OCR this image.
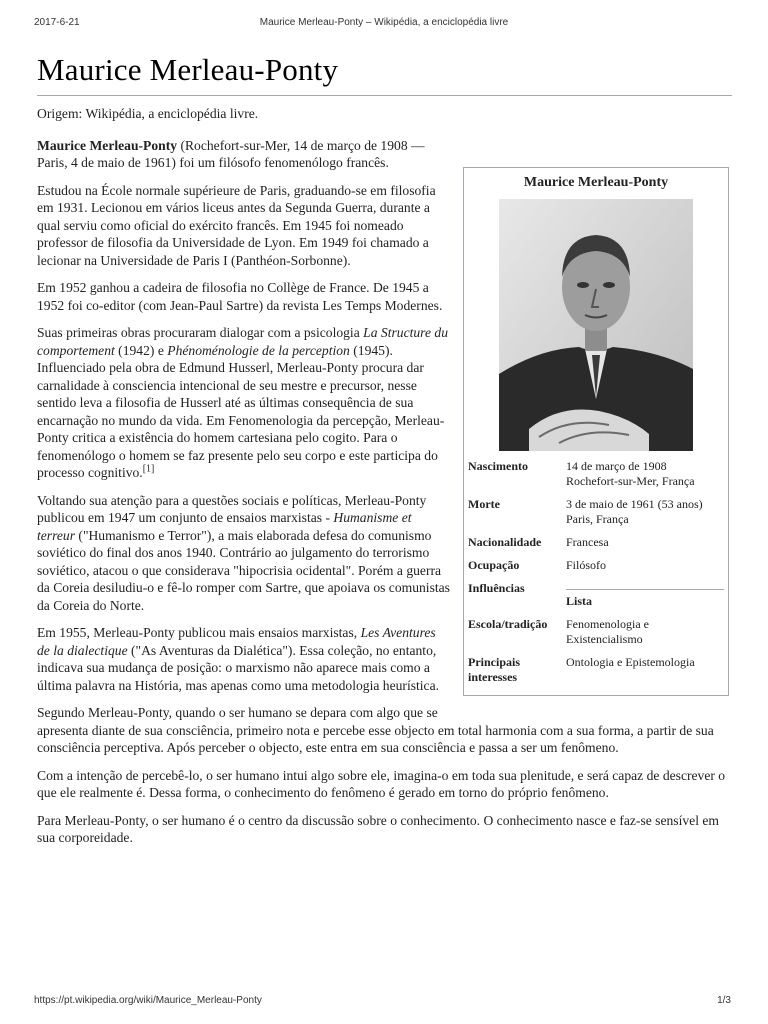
2017-6-21	Maurice Merleau-Ponty – Wikipédia, a enciclopédia livre
Maurice Merleau-Ponty

Origem: Wikipédia, a enciclopédia livre.

Maurice Merleau-Ponty
Nascimento	14 de março de 1908
Rochefort-sur-Mer, França

Morte	3 de maio de 1961 (53 anos)
Paris, França

Nacionalidade	Francesa
Ocupação	Filósofo
Influências	Lista

Escola/tradição	Fenomenologia e Existencialismo
Principais interesses	Ontologia e Epistemologia

Maurice Merleau-Ponty (Rochefort-sur-Mer, 14 de março de 1908 — Paris, 4 de maio de 1961) foi um filósofo fenomenólogo francês.

Estudou na École normale supérieure de Paris, graduando-se em filosofia em 1931. Lecionou em vários liceus antes da Segunda Guerra, durante a qual serviu como oficial do exército francês. Em 1945 foi nomeado professor de filosofia da Universidade de Lyon. Em 1949 foi chamado a lecionar na Universidade de Paris I (Panthéon-Sorbonne).

Em 1952 ganhou a cadeira de filosofia no Collège de France. De 1945 a 1952 foi co-editor (com Jean-Paul Sartre) da revista Les Temps Modernes.

Suas primeiras obras procuraram dialogar com a psicologia La Structure du comportement (1942) e Phénoménologie de la perception (1945). Influenciado pela obra de Edmund Husserl, Merleau-Ponty procura dar carnalidade à consciencia intencional de seu mestre e precursor, nesse sentido leva a filosofia de Husserl até as últimas consequência de sua encarnação no mundo da vida. Em Fenomenologia da percepção, Merleau-Ponty critica a existência do homem cartesiana pelo cogito. Para o fenomenólogo o homem se faz presente pelo seu corpo e este participa do processo cognitivo.[1]

Voltando sua atenção para a questões sociais e políticas, Merleau-Ponty publicou em 1947 um conjunto de ensaios marxistas - Humanisme et terreur ("Humanismo e Terror"), a mais elaborada defesa do comunismo soviético do final dos anos 1940. Contrário ao julgamento do terrorismo soviético, atacou o que considerava "hipocrisia ocidental". Porém a guerra da Coreia desiludiu-o e fê-lo romper com Sartre, que apoiava os comunistas da Coreia do Norte.

Em 1955, Merleau-Ponty publicou mais ensaios marxistas, Les Aventures de la dialectique ("As Aventuras da Dialética"). Essa coleção, no entanto, indicava sua mudança de posição: o marxismo não aparece mais como a última palavra na História, mas apenas como uma metodologia heurística.

Segundo Merleau-Ponty, quando o ser humano se depara com algo que se apresenta diante de sua consciência, primeiro nota e percebe esse objecto em total harmonia com a sua forma, a partir de sua consciência perceptiva. Após perceber o objecto, este entra em sua consciência e passa a ser um fenômeno.

Com a intenção de percebê-lo, o ser humano intui algo sobre ele, imagina-o em toda sua plenitude, e será capaz de descrever o que ele realmente é. Dessa forma, o conhecimento do fenômeno é gerado em torno do próprio fenômeno.

Para Merleau-Ponty, o ser humano é o centro da discussão sobre o conhecimento. O conhecimento nasce e faz-se sensível em sua corporeidade.

https://pt.wikipedia.org/wiki/Maurice_Merleau-Ponty	1/3
